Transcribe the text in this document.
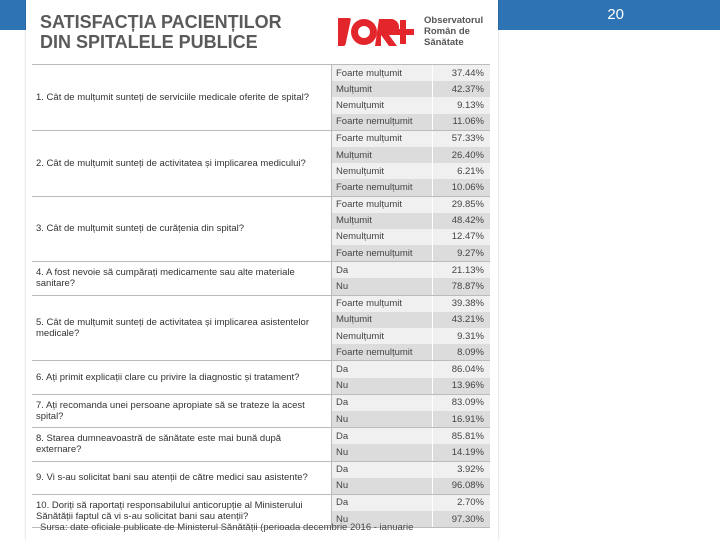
20
SATISFACȚIA PACIENȚILOR
DIN SPITALELE PUBLICE
Observatorul
Român de
Sănătate
1. Cât de mulțumit sunteți de serviciile medicale oferite de spital?
Foarte mulțumit	37.44%
Mulțumit	42.37%
Nemulțumit	9.13%
Foarte nemulțumit	11.06%
2. Cât de mulțumit sunteți de activitatea și implicarea medicului?
Foarte mulțumit	57.33%
Mulțumit	26.40%
Nemulțumit	6.21%
Foarte nemulțumit	10.06%
3. Cât de mulțumit sunteți de curățenia din spital?
Foarte mulțumit	29.85%
Mulțumit	48.42%
Nemulțumit	12.47%
Foarte nemulțumit	9.27%
4. A fost nevoie să cumpărați medicamente sau alte materiale sanitare?
Da	21.13%
Nu	78.87%
5. Cât de mulțumit sunteți de activitatea și implicarea asistentelor medicale?
Foarte mulțumit	39.38%
Mulțumit	43.21%
Nemulțumit	9.31%
Foarte nemulțumit	8.09%
6. Ați primit explicații clare cu privire la diagnostic și tratament?
Da	86.04%
Nu	13.96%
7. Ați recomanda unei persoane apropiate să se trateze la acest spital?
Da	83.09%
Nu	16.91%
8. Starea dumneavoastră de sănătate este mai bună după externare?
Da	85.81%
Nu	14.19%
9. Vi s-au solicitat bani sau atenții de către medici sau asistente?
Da	3.92%
Nu	96.08%
10. Doriți să raportați responsabilului anticorupție al Ministerului Sănătății faptul că vi s-au solicitat bani sau atenții?
Da	2.70%
Nu	97.30%
Sursa: date oficiale publicate de Ministerul Sănătății (perioada decembrie 2016 - ianuarie
